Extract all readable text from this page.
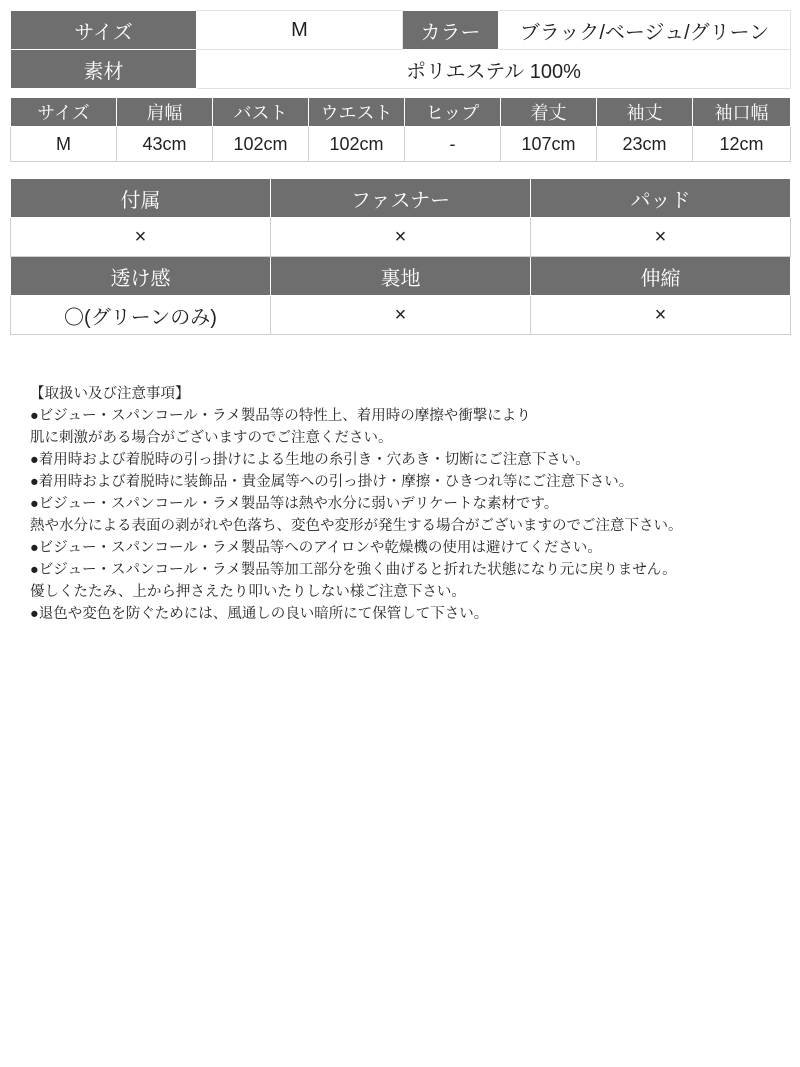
サイズ	M	カラー	ブラック/ベージュ/グリーン
素材	ポリエステル 100%		
サイズ	肩幅	バスト	ウエスト	ヒップ	着丈	袖丈	袖口幅
M	43cm	102cm	102cm	-	107cm	23cm	12cm
付属	ファスナー	パッド
×	×	×
透け感	裏地	伸縮
〇(グリーンのみ)	×	×
【取扱い及び注意事項】
●ビジュー・スパンコール・ラメ製品等の特性上、着用時の摩擦や衝撃により
肌に刺激がある場合がございますのでご注意ください。
●着用時および着脱時の引っ掛けによる生地の糸引き・穴あき・切断にご注意下さい。
●着用時および着脱時に装飾品・貴金属等への引っ掛け・摩擦・ひきつれ等にご注意下さい。
●ビジュー・スパンコール・ラメ製品等は熱や水分に弱いデリケートな素材です。
熱や水分による表面の剥がれや色落ち、変色や変形が発生する場合がございますのでご注意下さい。
●ビジュー・スパンコール・ラメ製品等へのアイロンや乾燥機の使用は避けてください。
●ビジュー・スパンコール・ラメ製品等加工部分を強く曲げると折れた状態になり元に戻りません。
優しくたたみ、上から押さえたり叩いたりしない様ご注意下さい。
●退色や変色を防ぐためには、風通しの良い暗所にて保管して下さい。
